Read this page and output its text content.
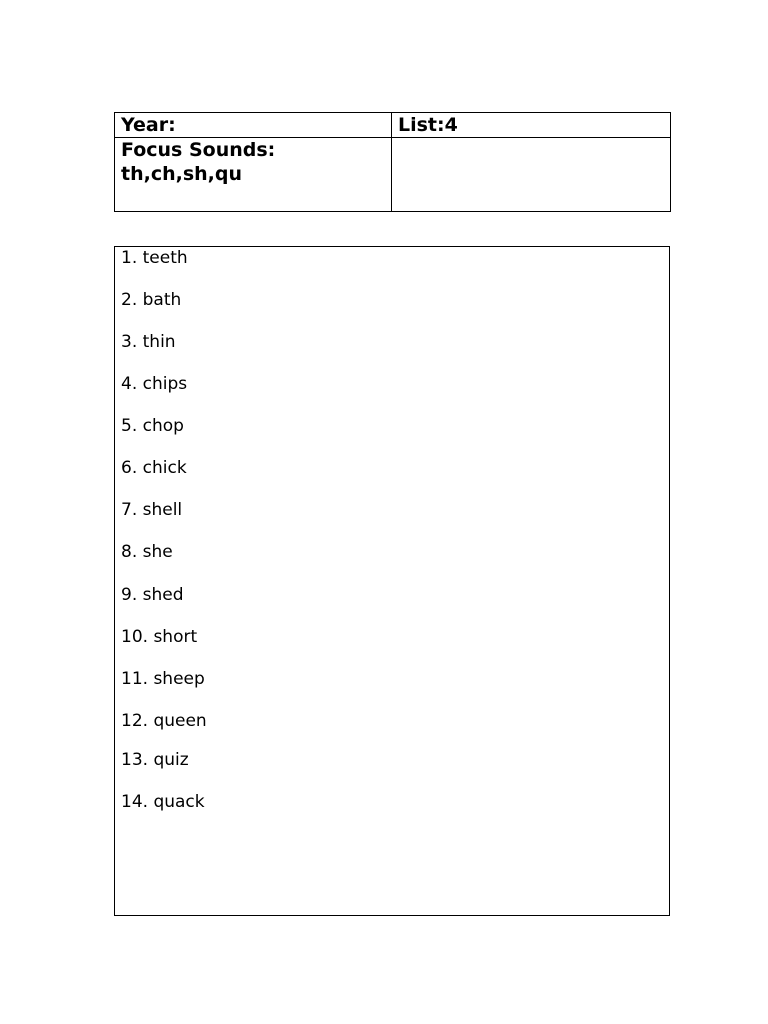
Year:	List:4

Focus Sounds:
th,ch,sh,qu	

1. teeth
2. bath
3. thin
4. chips
5. chop
6. chick
7. shell
8. she
9. shed
10. short
11. sheep
12. queen
13. quiz
14. quack
